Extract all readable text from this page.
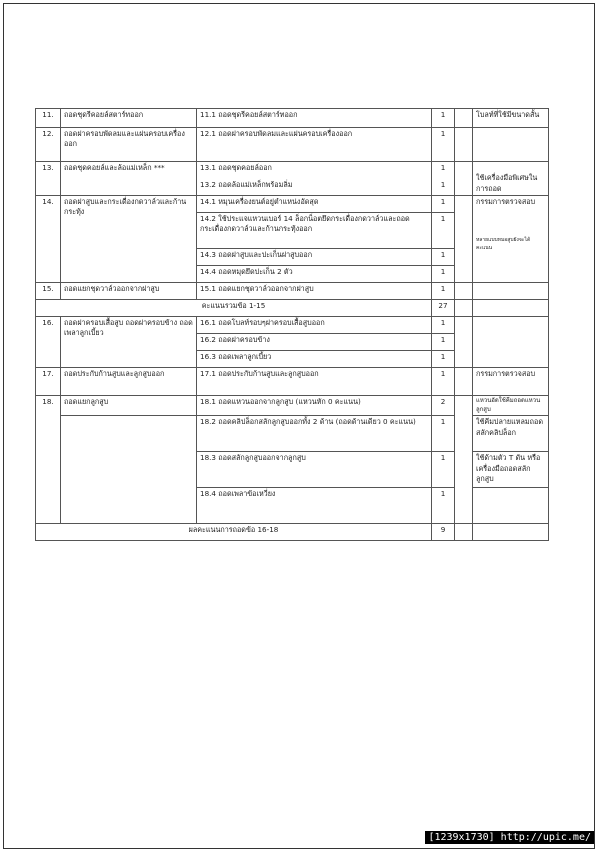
11.	ถอดชุดรีคอยล์สตาร์ทออก	11.1 ถอดชุดรีคอยล์สตาร์ทออก	1		โบลท์ที่ใช้มีขนาดสั้น
12.	ถอดฝาครอบพัดลมและแผ่นครอบเครื่องออก	12.1 ถอดฝาครอบพัดลมและแผ่นครอบเครื่องออก	1		
13.	ถอดชุดคอยล์และล้อแม่เหล็ก ***	13.1 ถอดชุดคอยล์ออก	1		ใช้เครื่องมือพิเศษในการถอด
		13.2 ถอดล้อแม่เหล็กพร้อมลิ่ม	1		
14.	ถอดฝาสูบและกระเดื่องกดวาล์วและก้านกระทุ้ง	14.1 หมุนเครื่องยนต์อยู่ตำแหน่งอัดสุด	1		กรรมการตรวจสอบ
หลายแบบหมอสูบยังจะได้คะแนน

		14.2 ใช้ประแจแหวนเบอร์ 14 ล็อกน็อตยึดกระเดื่องกดวาล์วและถอดกระเดื่องกดวาล์วและก้านกระทุ้งออก	1		
		14.3 ถอดฝาสูบและปะเก็นฝาสูบออก	1		
		14.4 ถอดหมุดยึดปะเก็น 2 ตัว	1		
15.	ถอดแยกชุดวาล์วออกจากฝาสูบ	15.1 ถอดแยกชุดวาล์วออกจากฝาสูบ	1		
คะแนนรวมข้อ 1-15			27		
16.	ถอดฝาครอบเสื้อสูบ ถอดฝาครอบข้าง ถอดเพลาลูกเบี้ยว	16.1 ถอดโบลท์รอบๆฝาครอบเสื้อสูบออก	1		
		16.2 ถอดฝาครอบข้าง	1		
		16.3 ถอดเพลาลูกเบี้ยว	1		
17.	ถอดประกับก้านสูบและลูกสูบออก	17.1 ถอดประกับก้านสูบและลูกสูบออก	1		กรรมการตรวจสอบ
18.	ถอดแยกลูกสูบ	18.1 ถอดแหวนออกจากลูกสูบ (แหวนหัก 0 คะแนน)	2		แหวนอัดใช้คีมถอดแหวนลูกสูบ
		18.2 ถอดคลิปล็อกสลักลูกสูบออกทั้ง 2 ด้าน (ถอดด้านเดียว 0 คะแนน)	1		ใช้คีมปลายแหลมถอดสลักคลิปล็อก
		18.3 ถอดสลักลูกสูบออกจากลูกสูบ	1		ใช้ด้ามตัว T ดัน หรือเครื่องมือถอดสลักลูกสูบ
		18.4 ถอดเพลาข้อเหวี่ยง	1		
ผลคะแนนการถอดข้อ 16-18			9		
[1239x1730] http://upic.me/
